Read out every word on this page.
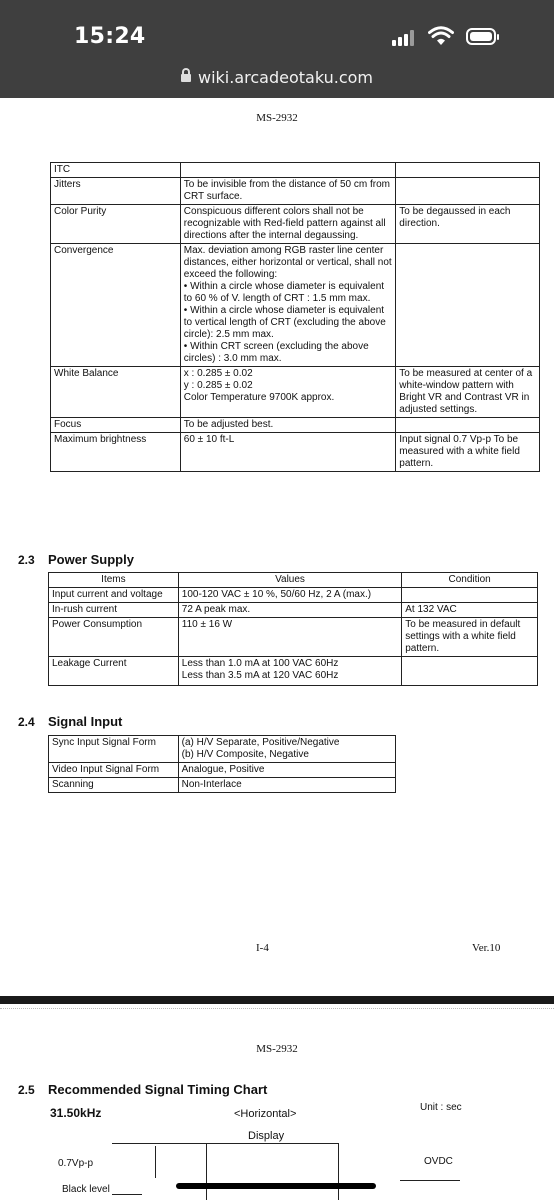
15:24
wiki.arcadeotaku.com
MS-2932
ITC		
Jitters	To be invisible from the distance of 50 cm from CRT surface.	
Color Purity	Conspicuous different colors shall not be recognizable with Red-field pattern against all directions after the internal degaussing.	To be degaussed in each direction.
Convergence	Max. deviation among RGB raster line center distances, either horizontal or vertical, shall not exceed the following:
• Within a circle whose diameter is equivalent to 60 % of V. length of CRT : 1.5 mm max.
• Within a circle whose diameter is equivalent to vertical length of CRT (excluding the above circle): 2.5 mm max.
• Within CRT screen (excluding the above circles) : 3.0 mm max.	

White Balance	x : 0.285 ± 0.02
y : 0.285 ± 0.02
Color Temperature 9700K approx.	To be measured at center of a white-window pattern with Bright VR and Contrast VR in adjusted settings.
Focus	To be adjusted best.	
Maximum brightness	60 ± 10 ft-L	Input signal 0.7 Vp-p To be measured with a white field pattern.
2.3 Power Supply
Items	Values	Condition
Input current and voltage	100-120 VAC ± 10 %, 50/60 Hz, 2 A (max.)	
In-rush current	72 A peak max.	At 132 VAC
Power Consumption	110 ± 16 W	To be measured in default settings with a white field pattern.
Leakage Current	Less than 1.0 mA at 100 VAC 60Hz
Less than 3.5 mA at 120 VAC 60Hz	

2.4 Signal Input
Sync Input Signal Form	(a) H/V Separate, Positive/Negative
(b) H/V Composite, Negative

Video Input Signal Form	Analogue, Positive
Scanning	Non-Interlace
I-4	Ver.10
MS-2932
2.5 Recommended Signal Timing Chart
31.50kHz	<Horizontal>
Unit : sec
Display
0.7Vp-p	OVDC
Black level
